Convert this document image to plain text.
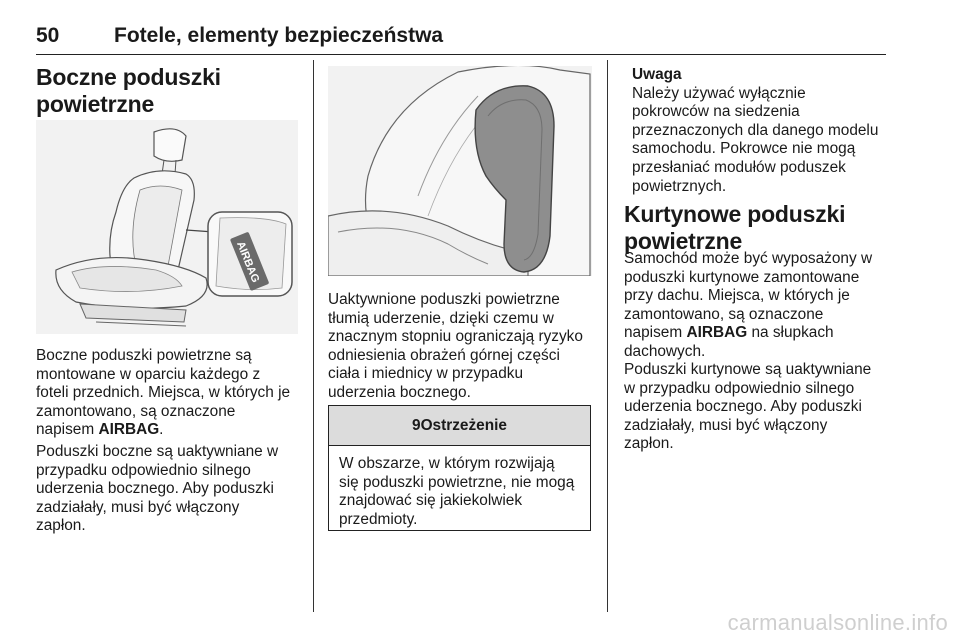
50	Fotele, elementy bezpieczeństwa
Boczne poduszki
powietrzne
AIRBAG

Boczne poduszki powietrzne są
montowane w oparciu każdego z
foteli przednich. Miejsca, w których je
zamontowano, są oznaczone
napisem AIRBAG.

Poduszki boczne są uaktywniane w
przypadku odpowiednio silnego
uderzenia bocznego. Aby poduszki
zadziałały, musi być włączony
zapłon.

Uaktywnione poduszki powietrzne
tłumią uderzenie, dzięki czemu w
znacznym stopniu ograniczają ryzyko
odniesienia obrażeń górnej części
ciała i miednicy w przypadku
uderzenia bocznego.

9Ostrzeżenie

W obszarze, w którym rozwijają
się poduszki powietrzne, nie mogą
znajdować się jakiekolwiek
przedmioty.

Uwaga
Należy używać wyłącznie
pokrowców na siedzenia
przeznaczonych dla danego modelu
samochodu. Pokrowce nie mogą
przesłaniać modułów poduszek
powietrznych.

Kurtynowe poduszki
powietrzne

Samochód może być wyposażony w
poduszki kurtynowe zamontowane
przy dachu. Miejsca, w których je
zamontowano, są oznaczone
napisem AIRBAG na słupkach
dachowych.

Poduszki kurtynowe są uaktywniane
w przypadku odpowiednio silnego
uderzenia bocznego. Aby poduszki
zadziałały, musi być włączony
zapłon.

carmanualsonline.info
